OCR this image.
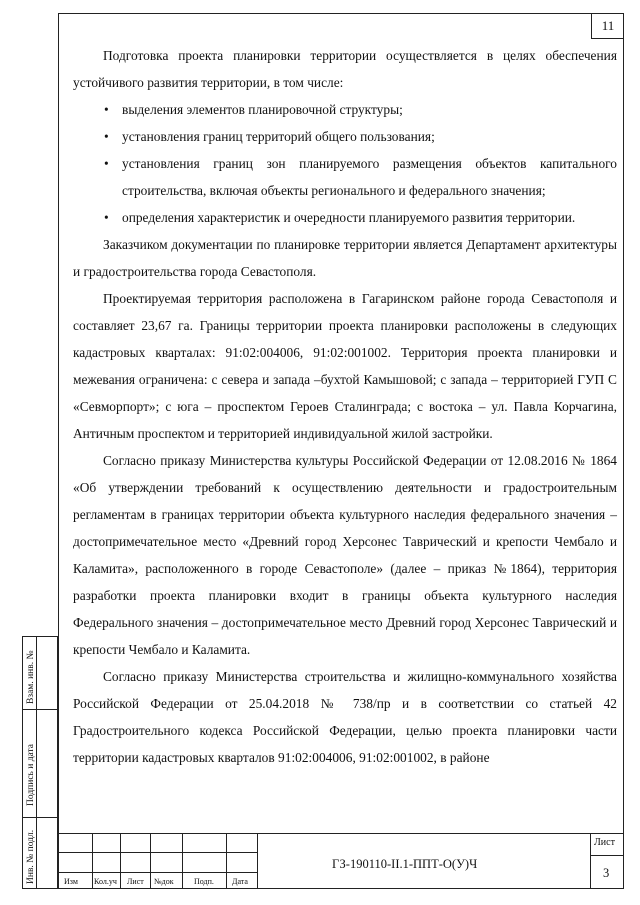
11

Подготовка проекта планировки территории осуществляется в целях обеспечения устойчивого развития территории, в том числе:

• выделения элементов планировочной структуры;
• установления границ территорий общего пользования;
• установления границ зон планируемого размещения объектов капитального строительства, включая объекты регионального и федерального значения;
• определения характеристик и очередности планируемого развития территории.

Заказчиком документации по планировке территории является Департамент архитектуры и градостроительства города Севастополя.

Проектируемая территория расположена в Гагаринском районе города Севастополя и составляет 23,67 га. Границы территории проекта планировки расположены в следующих кадастровых кварталах: 91:02:004006, 91:02:001002. Территория проекта планировки и межевания ограничена: с севера и запада –бухтой Камышовой; с запада – территорией ГУП С «Севморпорт»; с юга – проспектом Героев Сталинграда; с востока – ул. Павла Корчагина, Античным проспектом и территорией индивидуальной жилой застройки.

Согласно приказу Министерства культуры Российской Федерации от 12.08.2016 № 1864 «Об утверждении требований к осуществлению деятельности и градостроительным регламентам в границах территории объекта культурного наследия федерального значения – достопримечательное место «Древний город Херсонес Таврический и крепости Чембало и Каламита», расположенного в городе Севастополе» (далее – приказ №1864), территория разработки проекта планировки входит в границы объекта культурного наследия Федерального значения – достопримечательное место Древний город Херсонес Таврический и крепости Чембало и Каламита.

Согласно приказу Министерства строительства и жилищно-коммунального хозяйства Российской Федерации от 25.04.2018 № 738/пр и в соответствии со статьей 42 Градостроительного кодекса Российской Федерации, целью проекта планировки части территории кадастровых кварталов 91:02:004006, 91:02:001002, в районе

Взам. инв. №
Подпись и дата
Инв. № подл.	Изм Кол.уч Лист №док	Подп. Дата
ГЗ-190110-II.1-ППТ-О(У)Ч
Лист
3
